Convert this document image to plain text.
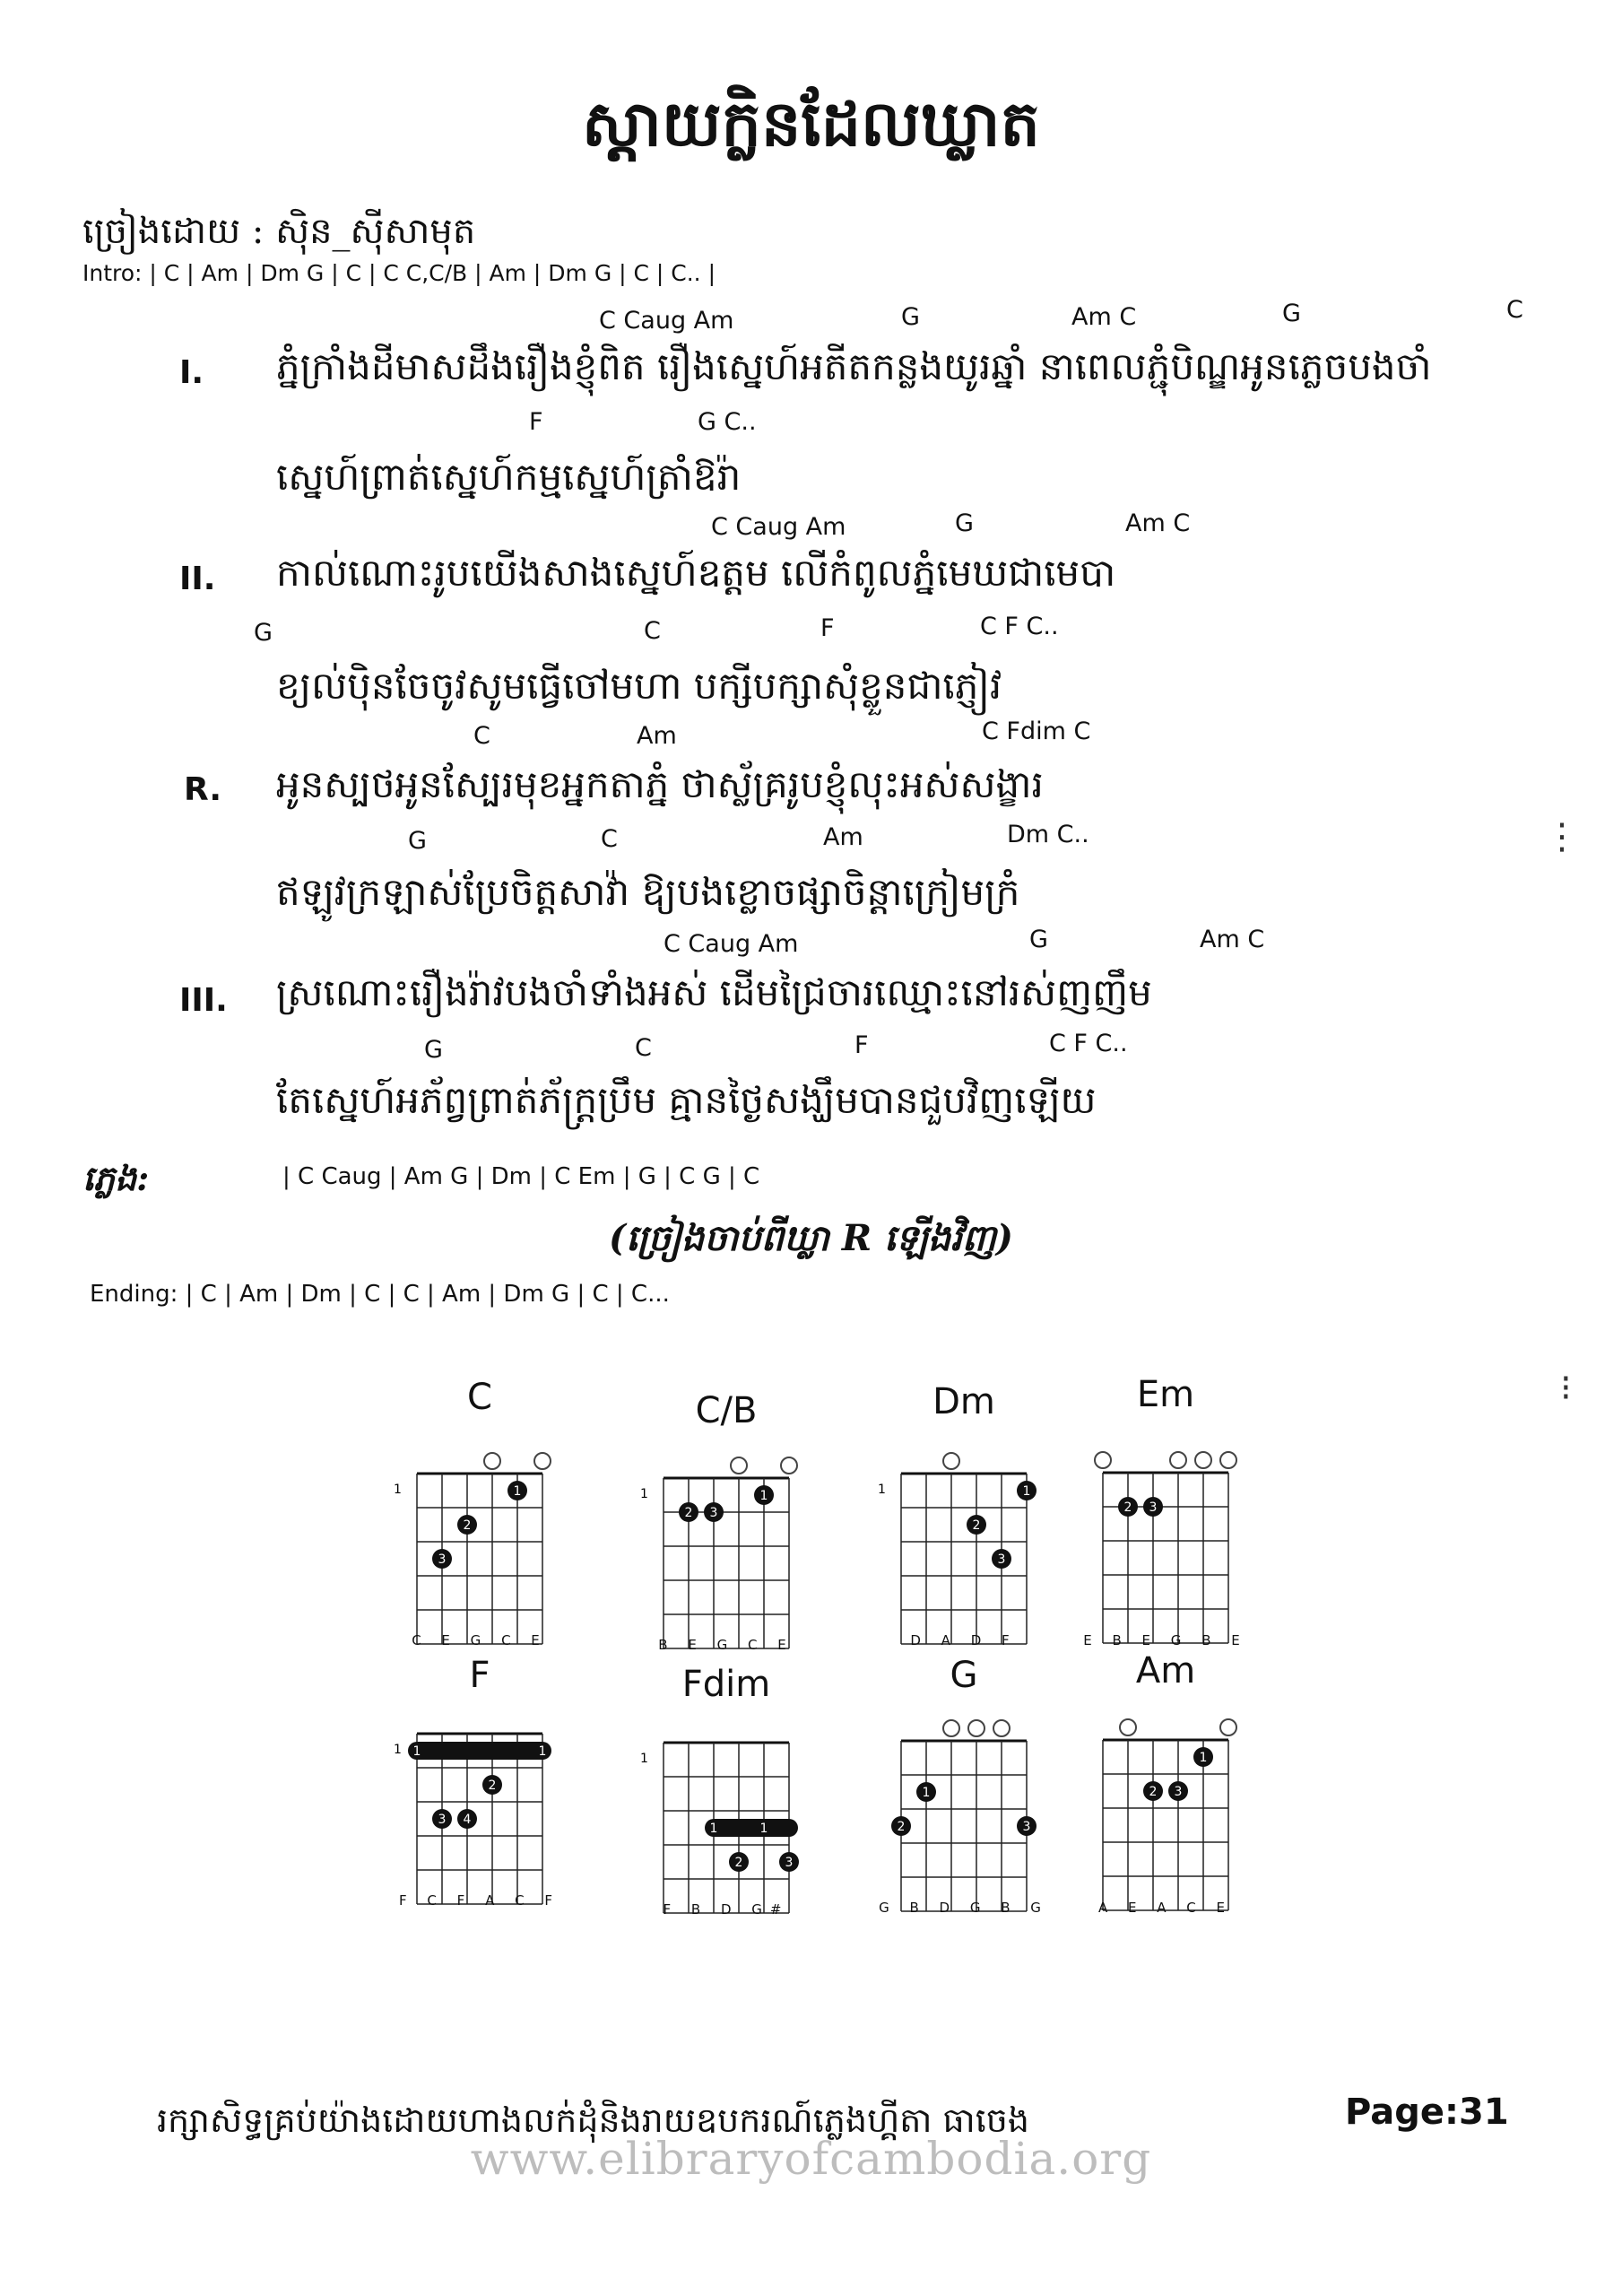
ស្តាយក្លិនដែលឃ្លាត
ច្រៀងដោយ : ស៊ិន_ស៊ីសាមុត
Intro: | C | Am | Dm G | C | C C,C/B | Am | Dm G | C | C.. |
C Caug Am	G	Am C	G	C
I. ភ្នំក្រាំងដីមាសដឹងរឿងខ្ញុំពិត រឿងស្នេហ៍អតីតកន្លងយូរឆ្នាំ នាពេលភ្ជុំបិណ្ឌអូនភ្លេចបងចាំ
F	G C..
ស្នេហ៍ព្រាត់ស្នេហ៍កម្មស្នេហ៍ត្រាំឱរ៉ា
C Caug Am	G	Am C
II. កាល់ណោះរូបយើងសាងស្នេហ៍ឧត្តម លើកំពូលភ្នំមេឃជាមេបា
G	C	F	C F C..
ខ្យល់ប៉ិនចែចូវសូមធ្វើចៅមហា បក្សីបក្សាសុំខ្លួនជាភ្ញៀវ
C	Am	C Fdim C
R. អូនស្បថអូនស្បែរមុខអ្នកតាភ្នំ ថាស្ល័គ្ររូបខ្ញុំលុះអស់សង្ខារ
G	C	Am	Dm C..
ឥឡូវក្រឡាស់ប្រែចិត្តសាវ៉ា ឱ្យបងខ្លោចផ្សាចិន្តាក្រៀមក្រំ
C Caug Am	G	Am C
III. ស្រណោះរឿងរ៉ាវបងចាំទាំងអស់ ដើមជ្រៃចារឈ្មោះនៅរស់ញញឹម
G	C	F	C F C..
តែស្នេហ៍អភ័ព្វព្រាត់ភ័ក្ត្រប្រឹម គ្មានថ្ងៃសង្ឃឹមបានជួបវិញឡើយ
ភ្លេង:	| C Caug | Am G | Dm | C Em | G | C G | C
(ច្រៀងចាប់ពីឃ្លា R ឡើងវិញ)
Ending: | C | Am | Dm | C | C | Am | Dm G | C | C...
⋮
⁝
C
1	1
2
3
C E G C E
C/B
1	1
2 3
B E G C E
Dm
1	1
2
3
D A D F
Em
2 3
E B E G B E
F
1 1	1
2
3 4
F C F A C F
Fdim
1
1	1
2	3
F B D G#
G
1
2	3
G B D G B G
Am
1
2 3
A E A C E
រក្សាសិទ្ធគ្រប់យ៉ាងដោយហាងលក់ដុំនិងរាយឧបករណ៍ភ្លេងហ្គីតា ធាចេង	Page:31
www.elibraryofcambodia.org
